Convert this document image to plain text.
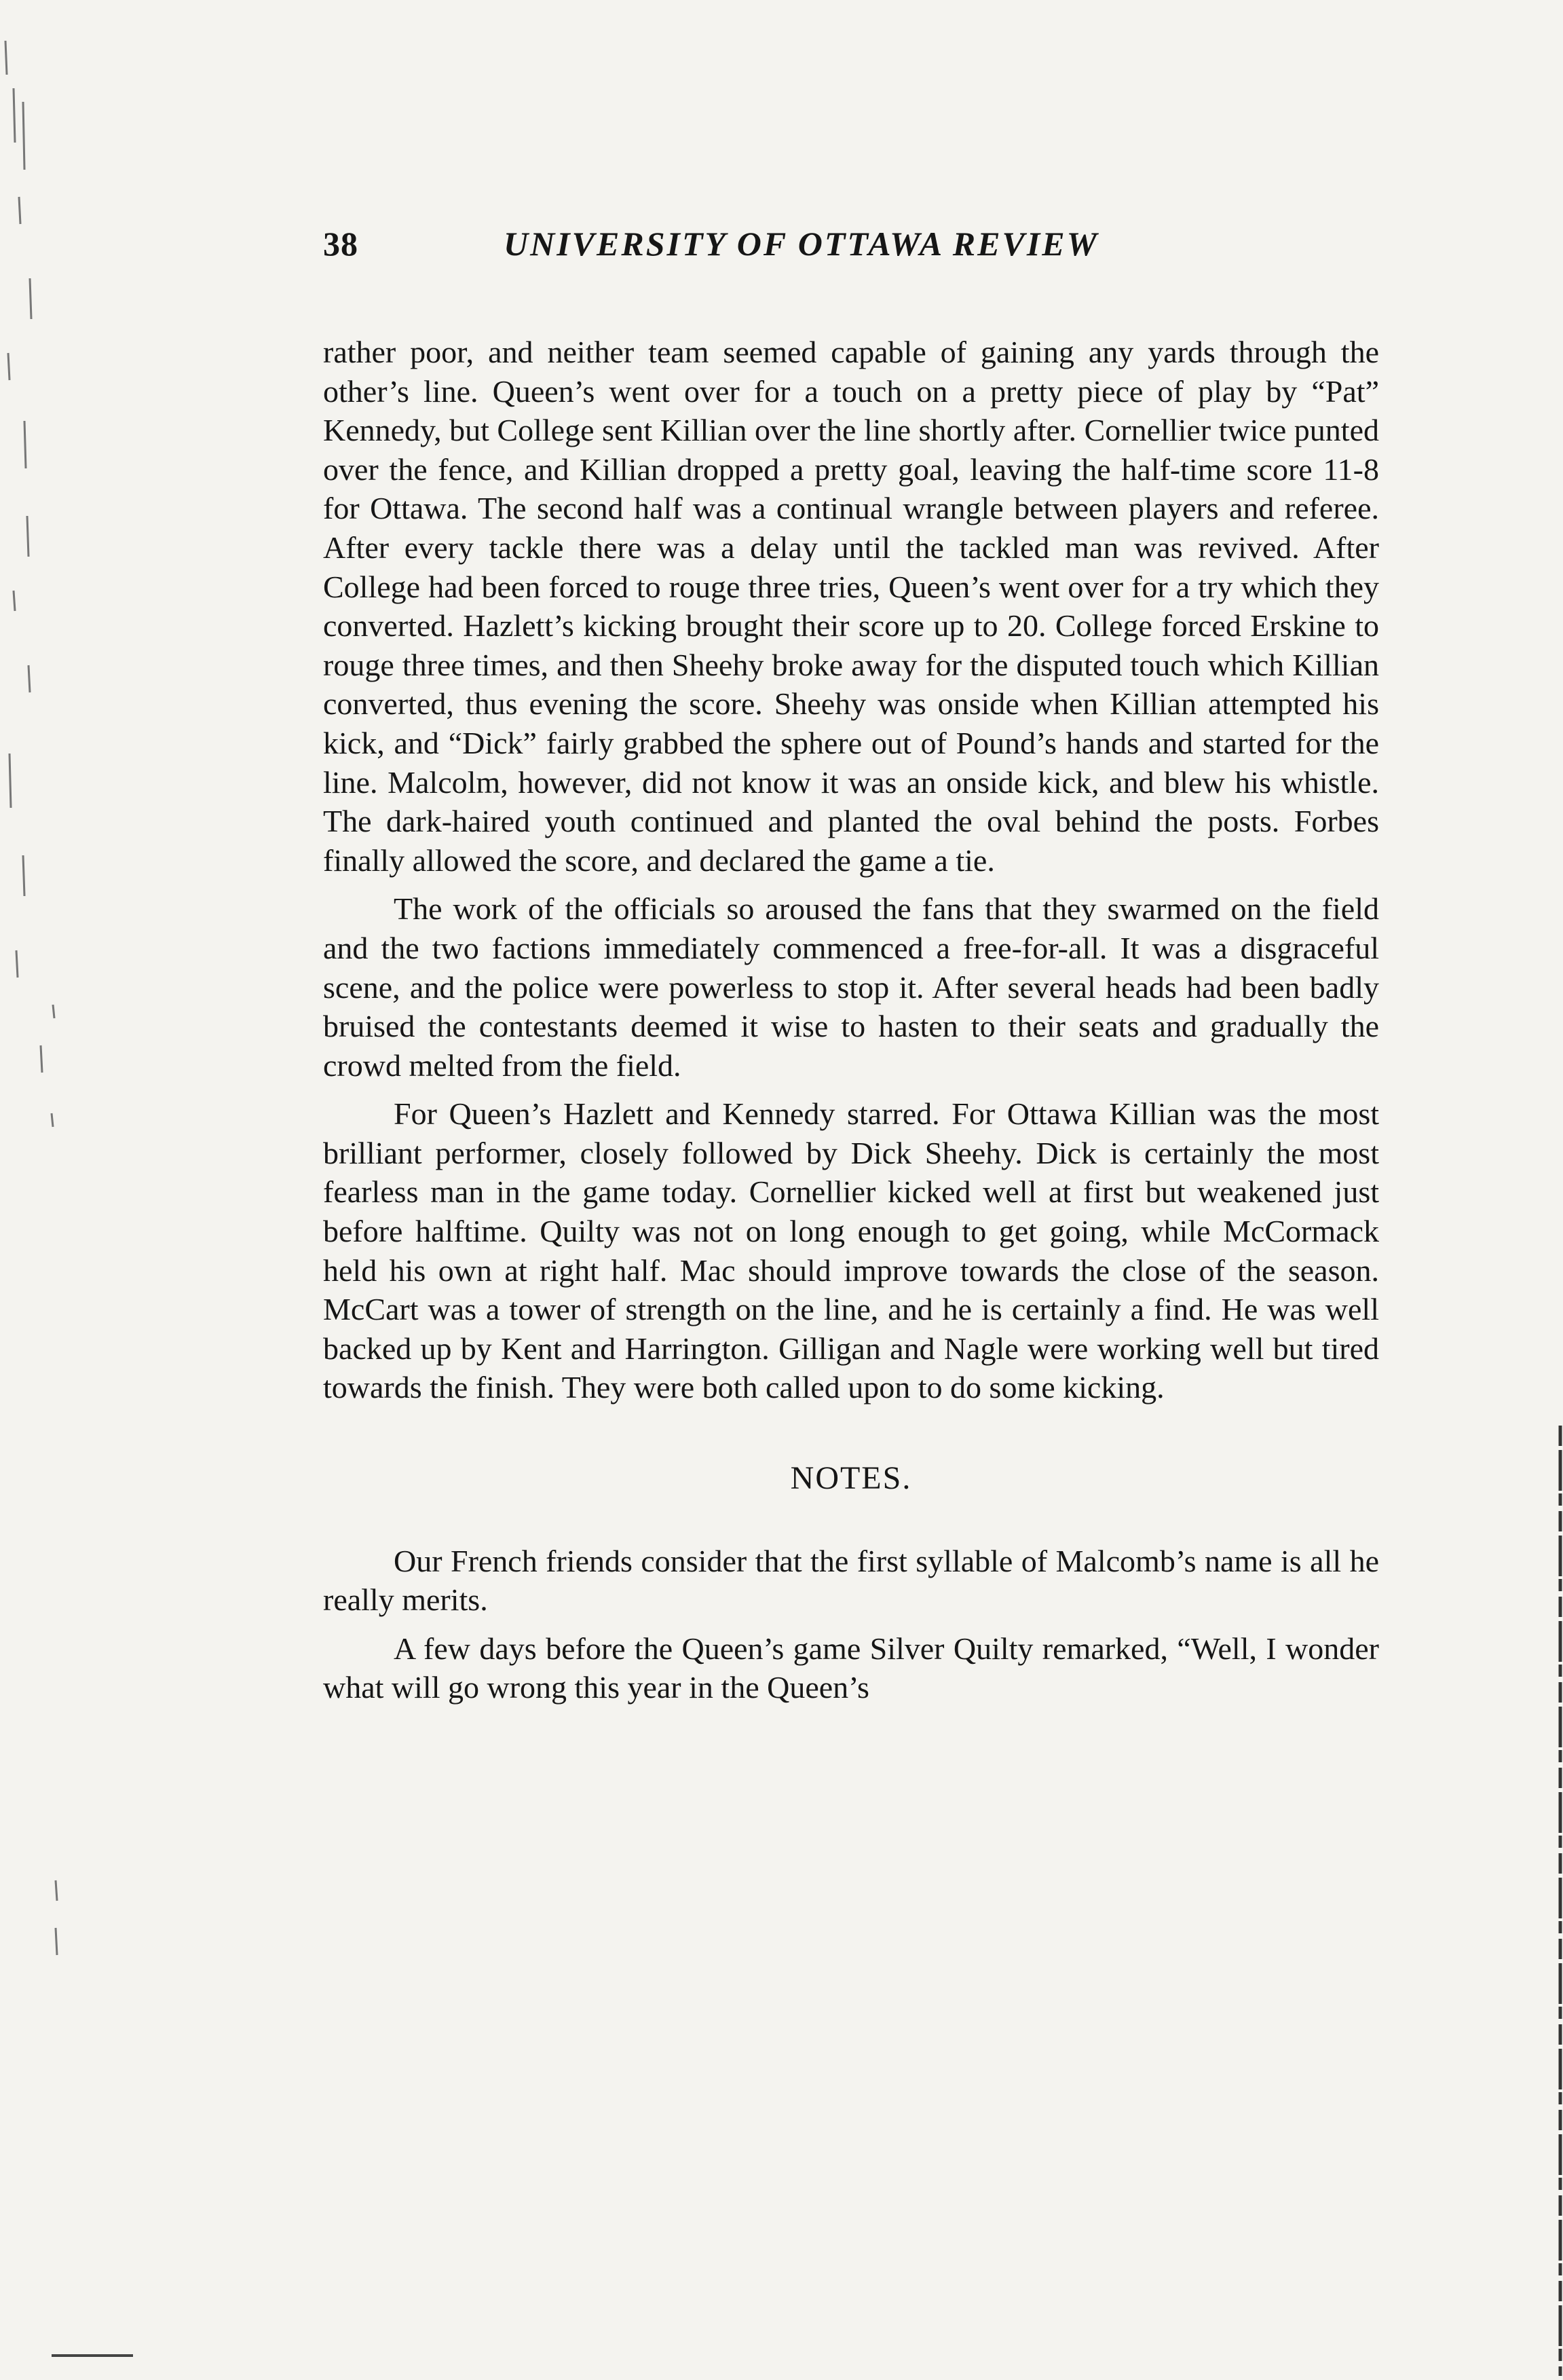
38	UNIVERSITY OF OTTAWA REVIEW

rather poor, and neither team seemed capable of gaining any yards through the other’s line. Queen’s went over for a touch on a pretty piece of play by “Pat” Kennedy, but College sent Killian over the line shortly after. Cornellier twice punted over the fence, and Killian dropped a pretty goal, leaving the half-time score 11-8 for Ottawa. The second half was a continual wrangle between players and referee. After every tackle there was a delay until the tackled man was revived. After College had been forced to rouge three tries, Queen’s went over for a try which they converted. Hazlett’s kicking brought their score up to 20. College forced Erskine to rouge three times, and then Sheehy broke away for the disputed touch which Killian converted, thus evening the score. Sheehy was onside when Killian attempted his kick, and “Dick” fairly grabbed the sphere out of Pound’s hands and started for the line. Malcolm, however, did not know it was an onside kick, and blew his whistle. The dark-haired youth continued and planted the oval behind the posts. Forbes finally allowed the score, and declared the game a tie.

The work of the officials so aroused the fans that they swarmed on the field and the two factions immediately commenced a free-for-all. It was a disgraceful scene, and the police were powerless to stop it. After several heads had been badly bruised the contestants deemed it wise to hasten to their seats and gradually the crowd melted from the field.

For Queen’s Hazlett and Kennedy starred. For Ottawa Killian was the most brilliant performer, closely followed by Dick Sheehy. Dick is certainly the most fearless man in the game today. Cornellier kicked well at first but weakened just before halftime. Quilty was not on long enough to get going, while McCormack held his own at right half. Mac should improve towards the close of the season. McCart was a tower of strength on the line, and he is certainly a find. He was well backed up by Kent and Harrington. Gilligan and Nagle were working well but tired towards the finish. They were both called upon to do some kicking.

NOTES.

Our French friends consider that the first syllable of Malcomb’s name is all he really merits.

A few days before the Queen’s game Silver Quilty remarked, “Well, I wonder what will go wrong this year in the Queen’s
